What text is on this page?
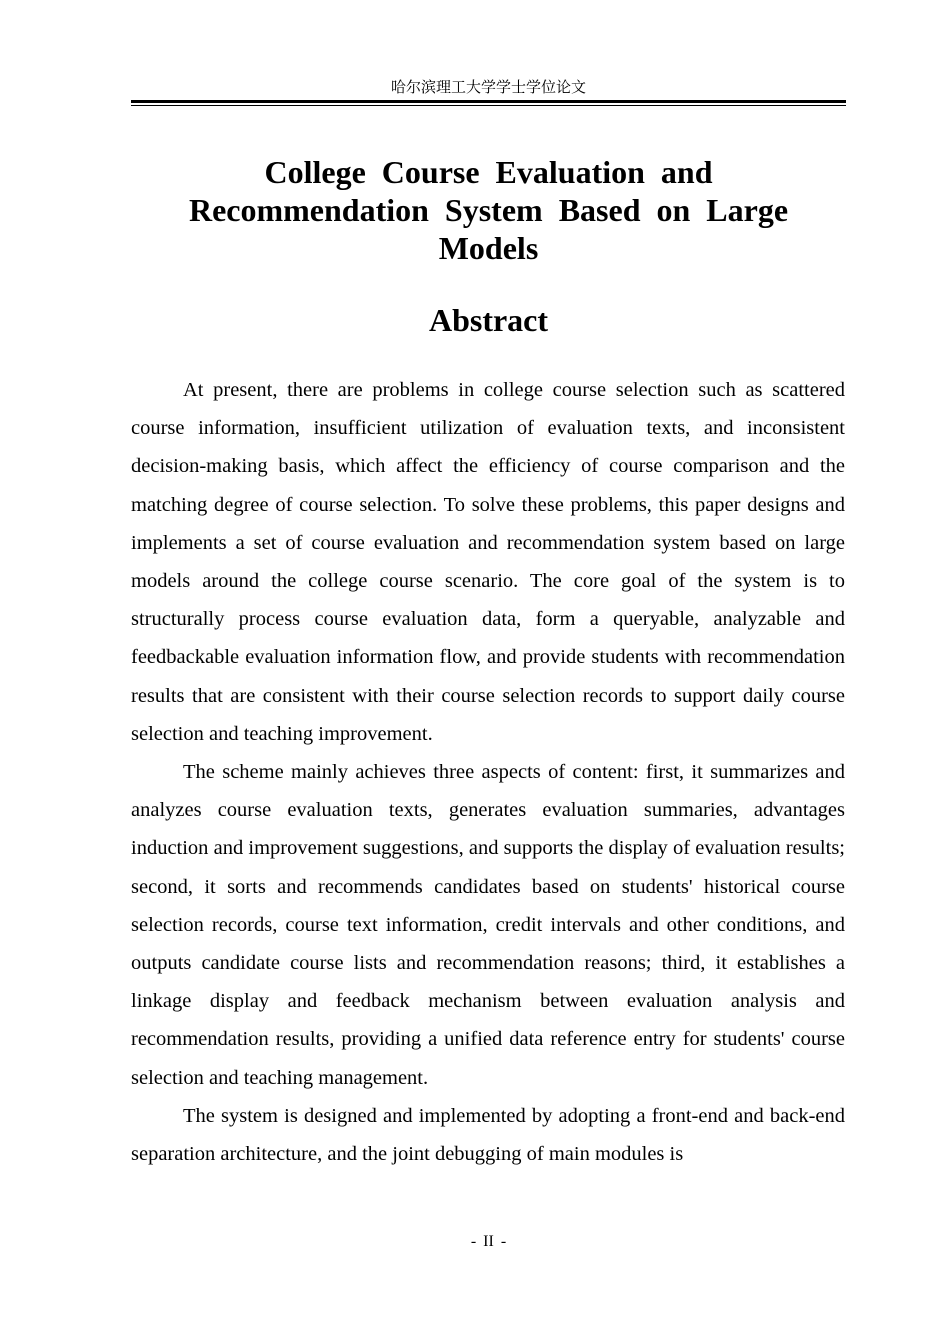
哈尔滨理工大学学士学位论文
College Course Evaluation and Recommendation System Based on Large Models
Abstract

At present, there are problems in college course selection such as scattered course information, insufficient utilization of evaluation texts, and inconsistent decision-making basis, which affect the efficiency of course comparison and the matching degree of course selection. To solve these problems, this paper designs and implements a set of course evaluation and recommendation system based on large models around the college course scenario. The core goal of the system is to structurally process course evaluation data, form a queryable, analyzable and feedbackable evaluation information flow, and provide students with recommendation results that are consistent with their course selection records to support daily course selection and teaching improvement.

The scheme mainly achieves three aspects of content: first, it summarizes and analyzes course evaluation texts, generates evaluation summaries, advantages induction and improvement suggestions, and supports the display of evaluation results; second, it sorts and recommends candidates based on students' historical course selection records, course text information, credit intervals and other conditions, and outputs candidate course lists and recommendation reasons; third, it establishes a linkage display and feedback mechanism between evaluation analysis and recommendation results, providing a unified data reference entry for students' course selection and teaching management.

The system is designed and implemented by adopting a front-end and back-end separation architecture, and the joint debugging of main modules is

- II -
